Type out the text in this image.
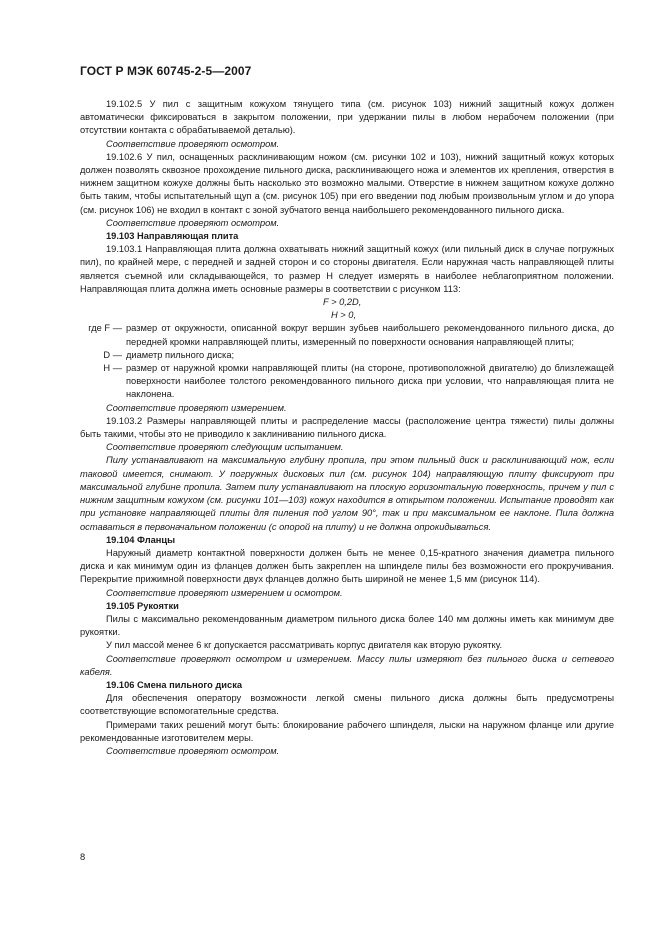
ГОСТ Р МЭК 60745-2-5—2007

19.102.5 У пил с защитным кожухом тянущего типа (см. рисунок 103) нижний защитный кожух должен автоматически фиксироваться в закрытом положении, при удержании пилы в любом нерабочем положении (при отсутствии контакта с обрабатываемой деталью).

Соответствие проверяют осмотром.

19.102.6 У пил, оснащенных расклинивающим ножом (см. рисунки 102 и 103), нижний защитный кожух которых должен позволять сквозное прохождение пильного диска, расклинивающего ножа и элементов их крепления, отверстия в нижнем защитном кожухе должны быть насколько это возможно малыми. Отверстие в нижнем защитном кожухе должно быть таким, чтобы испытательный щуп а (см. рисунок 105) при его введении под любым произвольным углом и до упора (см. рисунок 106) не входил в контакт с зоной зубчатого венца наибольшего рекомендованного пильного диска.

Соответствие проверяют осмотром.

19.103 Направляющая плита

19.103.1 Направляющая плита должна охватывать нижний защитный кожух (или пильный диск в случае погружных пил), по крайней мере, с передней и задней сторон и со стороны двигателя. Если наружная часть направляющей плиты является съемной или складывающейся, то размер H следует измерять в наиболее неблагоприятном положении. Направляющая плита должна иметь основные размеры в соответствии с рисунком 113:

F > 0,2D,
H > 0,
где F — размер от окружности, описанной вокруг вершин зубьев наибольшего рекомендованного пильного диска, до передней кромки направляющей плиты, измеренный по поверхности основания направляющей плиты;
D — диаметр пильного диска;
H — размер от наружной кромки направляющей плиты (на стороне, противоположной двигателю) до близлежащей поверхности наиболее толстого рекомендованного пильного диска при условии, что направляющая плита не наклонена.

Соответствие проверяют измерением.

19.103.2 Размеры направляющей плиты и распределение массы (расположение центра тяжести) пилы должны быть такими, чтобы это не приводило к заклиниванию пильного диска.

Соответствие проверяют следующим испытанием.

Пилу устанавливают на максимальную глубину пропила, при этом пильный диск и расклинивающий нож, если таковой имеется, снимают. У погружных дисковых пил (см. рисунок 104) направляющую плиту фиксируют при максимальной глубине пропила. Затем пилу устанавливают на плоскую горизонтальную поверхность, причем у пил с нижним защитным кожухом (см. рисунки 101—103) кожух находится в открытом положении. Испытание проводят как при установке направляющей плиты для пиления под углом 90°, так и при максимальном ее наклоне. Пила должна оставаться в первоначальном положении (с опорой на плиту) и не должна опрокидываться.

19.104 Фланцы

Наружный диаметр контактной поверхности должен быть не менее 0,15-кратного значения диаметра пильного диска и как минимум один из фланцев должен быть закреплен на шпинделе пилы без возможности его прокручивания. Перекрытие прижимной поверхности двух фланцев должно быть шириной не менее 1,5 мм (рисунок 114).

Соответствие проверяют измерением и осмотром.

19.105 Рукоятки

Пилы с максимально рекомендованным диаметром пильного диска более 140 мм должны иметь как минимум две рукоятки.

У пил массой менее 6 кг допускается рассматривать корпус двигателя как вторую рукоятку.

Соответствие проверяют осмотром и измерением. Массу пилы измеряют без пильного диска и сетевого кабеля.

19.106 Смена пильного диска

Для обеспечения оператору возможности легкой смены пильного диска должны быть предусмотрены соответствующие вспомогательные средства.

Примерами таких решений могут быть: блокирование рабочего шпинделя, лыски на наружном фланце или другие рекомендованные изготовителем меры.

Соответствие проверяют осмотром.

8
